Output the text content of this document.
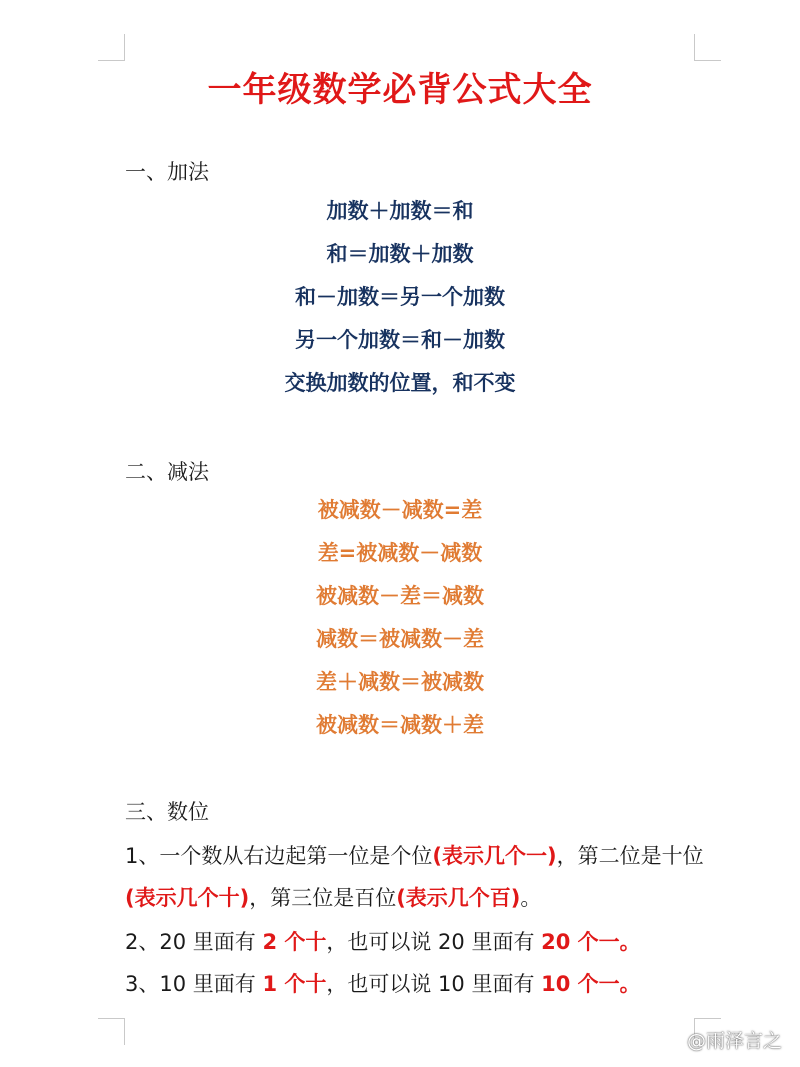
一年级数学必背公式大全
一、加法
加数＋加数＝和
和＝加数＋加数
和－加数＝另一个加数
另一个加数＝和－加数
交换加数的位置，和不变
二、减法
被减数－减数=差
差=被减数－减数
被减数－差＝减数
减数＝被减数－差
差＋减数＝被减数
被减数＝减数＋差
三、数位

1、一个数从右边起第一位是个位(表示几个一)，第二位是十位(表示几个十)，第三位是百位(表示几个百)。

2、20 里面有 2 个十，也可以说 20 里面有 20 个一。

3、10 里面有 1 个十，也可以说 10 里面有 10 个一。

@雨泽言之
